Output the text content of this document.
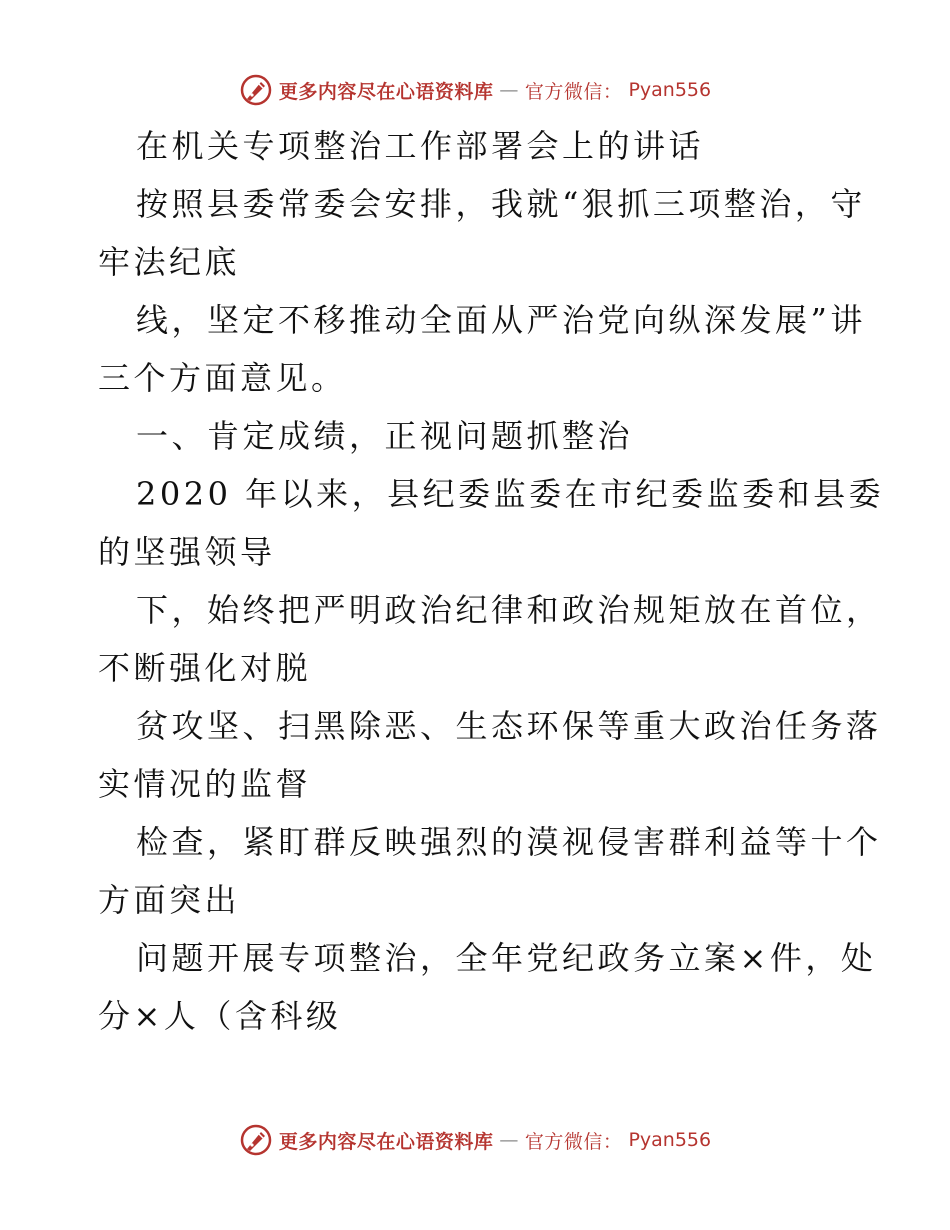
更多内容尽在心语资料库 — 官方微信： Pyan556
在机关专项整治工作部署会上的讲话
按照县委常委会安排，我就“狠抓三项整治，守
牢法纪底
线，坚定不移推动全面从严治党向纵深发展”讲
三个方面意见。
一、肯定成绩，正视问题抓整治
2020 年以来，县纪委监委在市纪委监委和县委
的坚强领导
下，始终把严明政治纪律和政治规矩放在首位，
不断强化对脱
贫攻坚、扫黑除恶、生态环保等重大政治任务落
实情况的监督
检查，紧盯群反映强烈的漠视侵害群利益等十个
方面突出
问题开展专项整治，全年党纪政务立案×件，处
分×人（含科级
更多内容尽在心语资料库 — 官方微信： Pyan556
